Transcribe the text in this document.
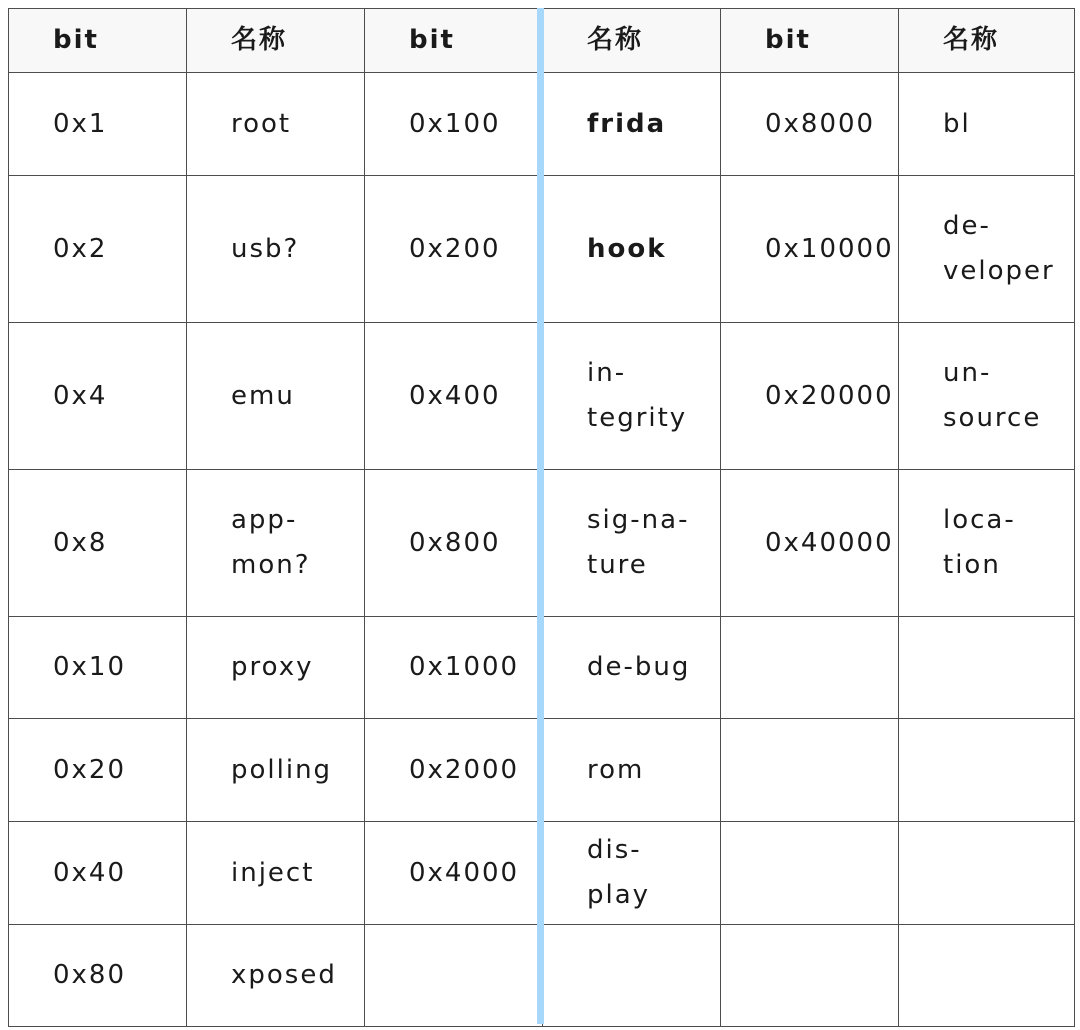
bit	名称	bit	名称	bit	名称
0x1	root	0x100	frida	0x8000	bl
0x2	usb?	0x200	hook	0x10000	de-veloper
0x4	emu	0x400	in-tegrity	0x20000	un-source
0x8	app-mon?	0x800	sig-na-ture	0x40000	loca-tion
0x10	proxy	0x1000	de-bug		
0x20	polling	0x2000	rom		
0x40	inject	0x4000	dis-play		
0x80	xposed				
